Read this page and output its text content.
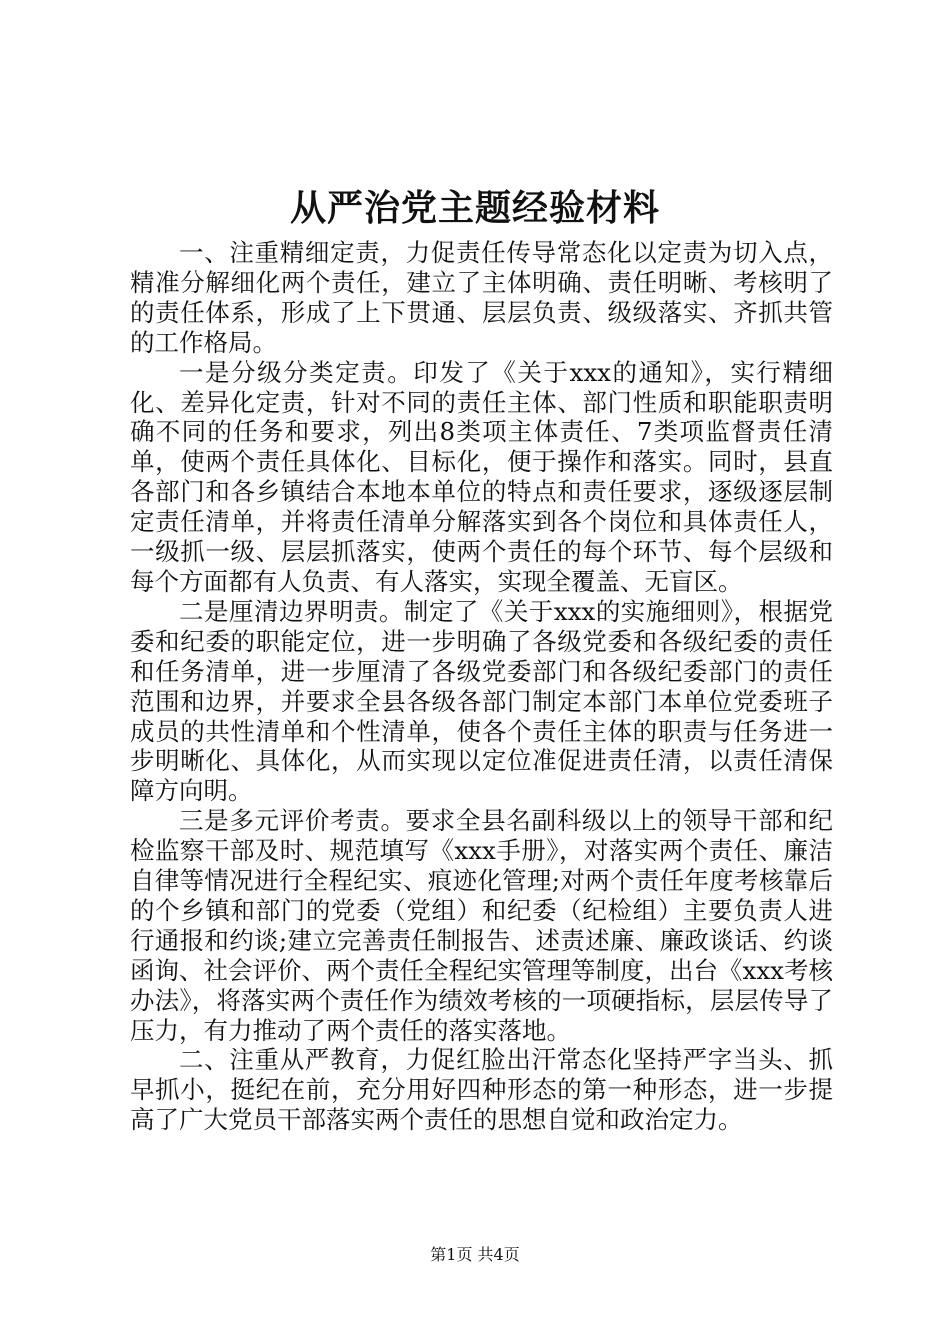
从严治党主题经验材料

一、注重精细定责，力促责任传导常态化以定责为切入点，精准分解细化两个责任，建立了主体明确、责任明晰、考核明了的责任体系，形成了上下贯通、层层负责、级级落实、齐抓共管的工作格局。

一是分级分类定责。印发了《关于xxx的通知》，实行精细化、差异化定责，针对不同的责任主体、部门性质和职能职责明确不同的任务和要求，列出8类项主体责任、7类项监督责任清单，使两个责任具体化、目标化，便于操作和落实。同时，县直各部门和各乡镇结合本地本单位的特点和责任要求，逐级逐层制定责任清单，并将责任清单分解落实到各个岗位和具体责任人，一级抓一级、层层抓落实，使两个责任的每个环节、每个层级和每个方面都有人负责、有人落实，实现全覆盖、无盲区。

二是厘清边界明责。制定了《关于xxx的实施细则》，根据党委和纪委的职能定位，进一步明确了各级党委和各级纪委的责任和任务清单，进一步厘清了各级党委部门和各级纪委部门的责任范围和边界，并要求全县各级各部门制定本部门本单位党委班子成员的共性清单和个性清单，使各个责任主体的职责与任务进一步明晰化、具体化，从而实现以定位准促进责任清，以责任清保障方向明。

三是多元评价考责。要求全县名副科级以上的领导干部和纪检监察干部及时、规范填写《xxx手册》，对落实两个责任、廉洁自律等情况进行全程纪实、痕迹化管理;对两个责任年度考核靠后的个乡镇和部门的党委（党组）和纪委（纪检组）主要负责人进行通报和约谈;建立完善责任制报告、述责述廉、廉政谈话、约谈函询、社会评价、两个责任全程纪实管理等制度，出台《xxx考核办法》，将落实两个责任作为绩效考核的一项硬指标，层层传导了压力，有力推动了两个责任的落实落地。

二、注重从严教育，力促红脸出汗常态化坚持严字当头、抓早抓小，挺纪在前，充分用好四种形态的第一种形态，进一步提高了广大党员干部落实两个责任的思想自觉和政治定力。

第1页 共4页
